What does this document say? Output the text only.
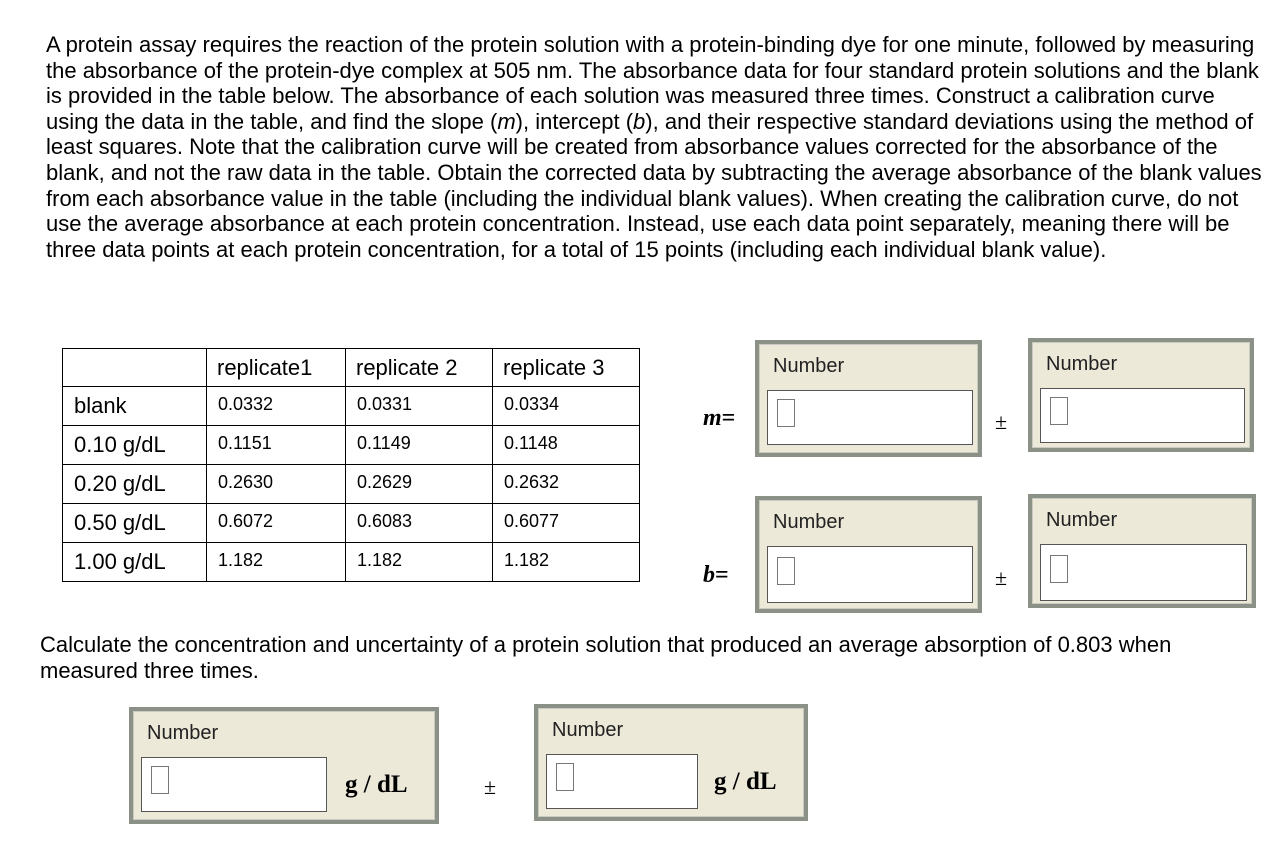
A protein assay requires the reaction of the protein solution with a protein-binding dye for one minute, followed by measuring the absorbance of the protein-dye complex at 505 nm. The absorbance data for four standard protein solutions and the blank is provided in the table below. The absorbance of each solution was measured three times. Construct a calibration curve using the data in the table, and find the slope (m), intercept (b), and their respective standard deviations using the method of least squares. Note that the calibration curve will be created from absorbance values corrected for the absorbance of the blank, and not the raw data in the table. Obtain the corrected data by subtracting the average absorbance of the blank values from each absorbance value in the table (including the individual blank values). When creating the calibration curve, do not use the average absorbance at each protein concentration. Instead, use each data point separately, meaning there will be three data points at each protein concentration, for a total of 15 points (including each individual blank value).

	replicate1	replicate 2	replicate 3
blank	0.0332	0.0331	0.0334
0.10 g/dL	0.1151	0.1149	0.1148
0.20 g/dL	0.2630	0.2629	0.2632
0.50 g/dL	0.6072	0.6083	0.6077
1.00 g/dL	1.182	1.182	1.182
m=
Number
±
Number
b=
Number
±
Number

Calculate the concentration and uncertainty of a protein solution that produced an average absorption of 0.803 when measured three times.

Number
g / dL	±
Number
g / dL
